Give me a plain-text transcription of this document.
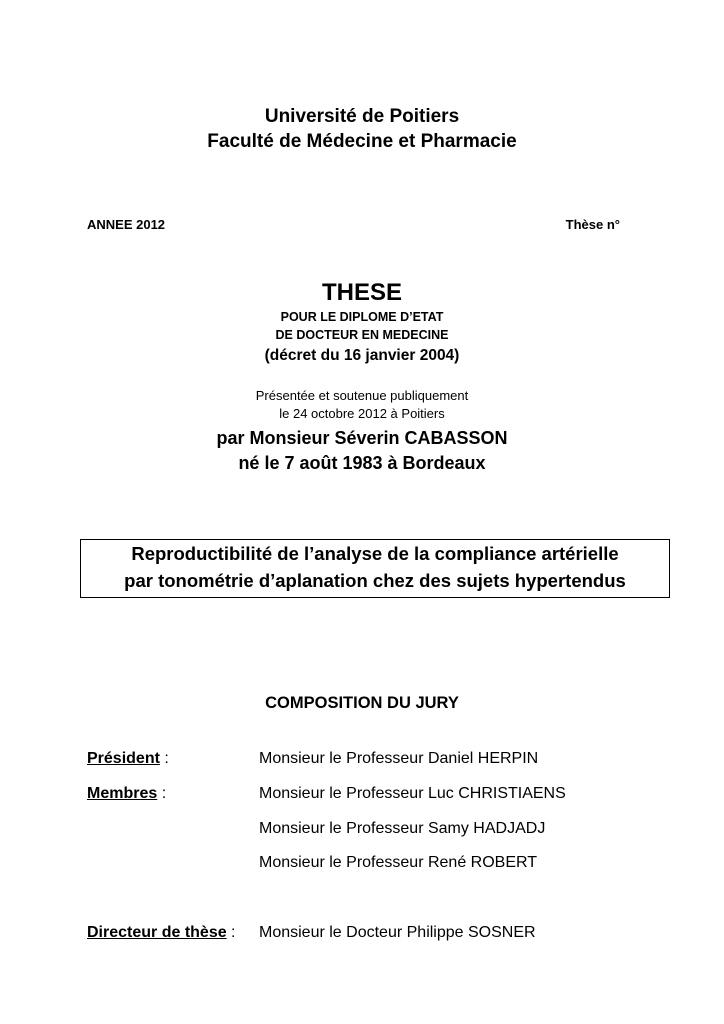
Université de Poitiers
Faculté de Médecine et Pharmacie
ANNEE 2012	Thèse n°
THESE
POUR LE DIPLOME D’ETAT
DE DOCTEUR EN MEDECINE
(décret du 16 janvier 2004)
Présentée et soutenue publiquement
le 24 octobre 2012 à Poitiers
par Monsieur Séverin CABASSON
né le 7 août 1983 à Bordeaux
Reproductibilité de l’analyse de la compliance artérielle
par tonométrie d’aplanation chez des sujets hypertendus
COMPOSITION DU JURY
Président :	Monsieur le Professeur Daniel HERPIN
Membres :	Monsieur le Professeur Luc CHRISTIAENS
Monsieur le Professeur Samy HADJADJ
Monsieur le Professeur René ROBERT
Directeur de thèse : Monsieur le Docteur Philippe SOSNER
